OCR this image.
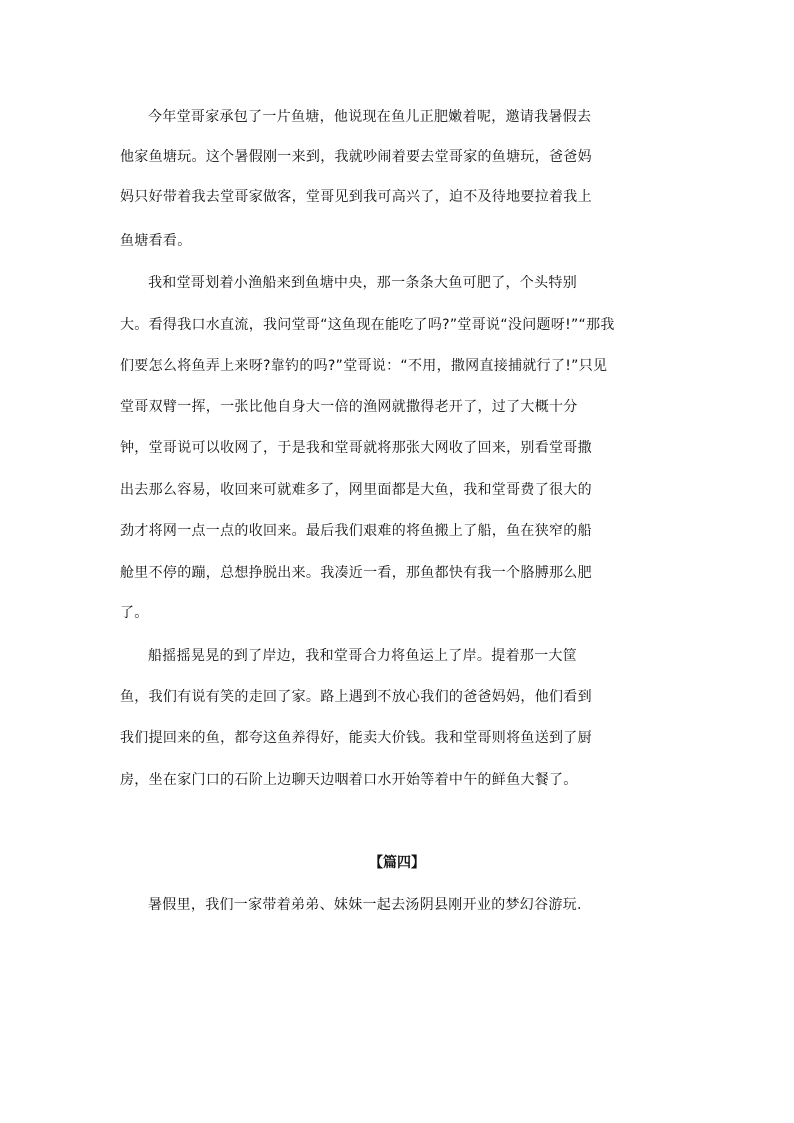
今年堂哥家承包了一片鱼塘，他说现在鱼儿正肥嫩着呢，邀请我暑假去
他家鱼塘玩。这个暑假刚一来到，我就吵闹着要去堂哥家的鱼塘玩，爸爸妈
妈只好带着我去堂哥家做客，堂哥见到我可高兴了，迫不及待地要拉着我上
鱼塘看看。
我和堂哥划着小渔船来到鱼塘中央，那一条条大鱼可肥了，个头特别
大。看得我口水直流，我问堂哥“这鱼现在能吃了吗?”堂哥说“没问题呀!”“那我
们要怎么将鱼弄上来呀?靠钓的吗?”堂哥说：“不用，撒网直接捕就行了!”只见
堂哥双臂一挥，一张比他自身大一倍的渔网就撒得老开了，过了大概十分
钟，堂哥说可以收网了，于是我和堂哥就将那张大网收了回来，别看堂哥撒
出去那么容易，收回来可就难多了，网里面都是大鱼，我和堂哥费了很大的
劲才将网一点一点的收回来。最后我们艰难的将鱼搬上了船，鱼在狭窄的船
舱里不停的蹦，总想挣脱出来。我凑近一看，那鱼都快有我一个胳膊那么肥
了。
船摇摇晃晃的到了岸边，我和堂哥合力将鱼运上了岸。提着那一大筐
鱼，我们有说有笑的走回了家。路上遇到不放心我们的爸爸妈妈，他们看到
我们提回来的鱼，都夸这鱼养得好，能卖大价钱。我和堂哥则将鱼送到了厨
房，坐在家门口的石阶上边聊天边咽着口水开始等着中午的鲜鱼大餐了。
【篇四】
暑假里，我们一家带着弟弟、妹妹一起去汤阴县刚开业的梦幻谷游玩.
